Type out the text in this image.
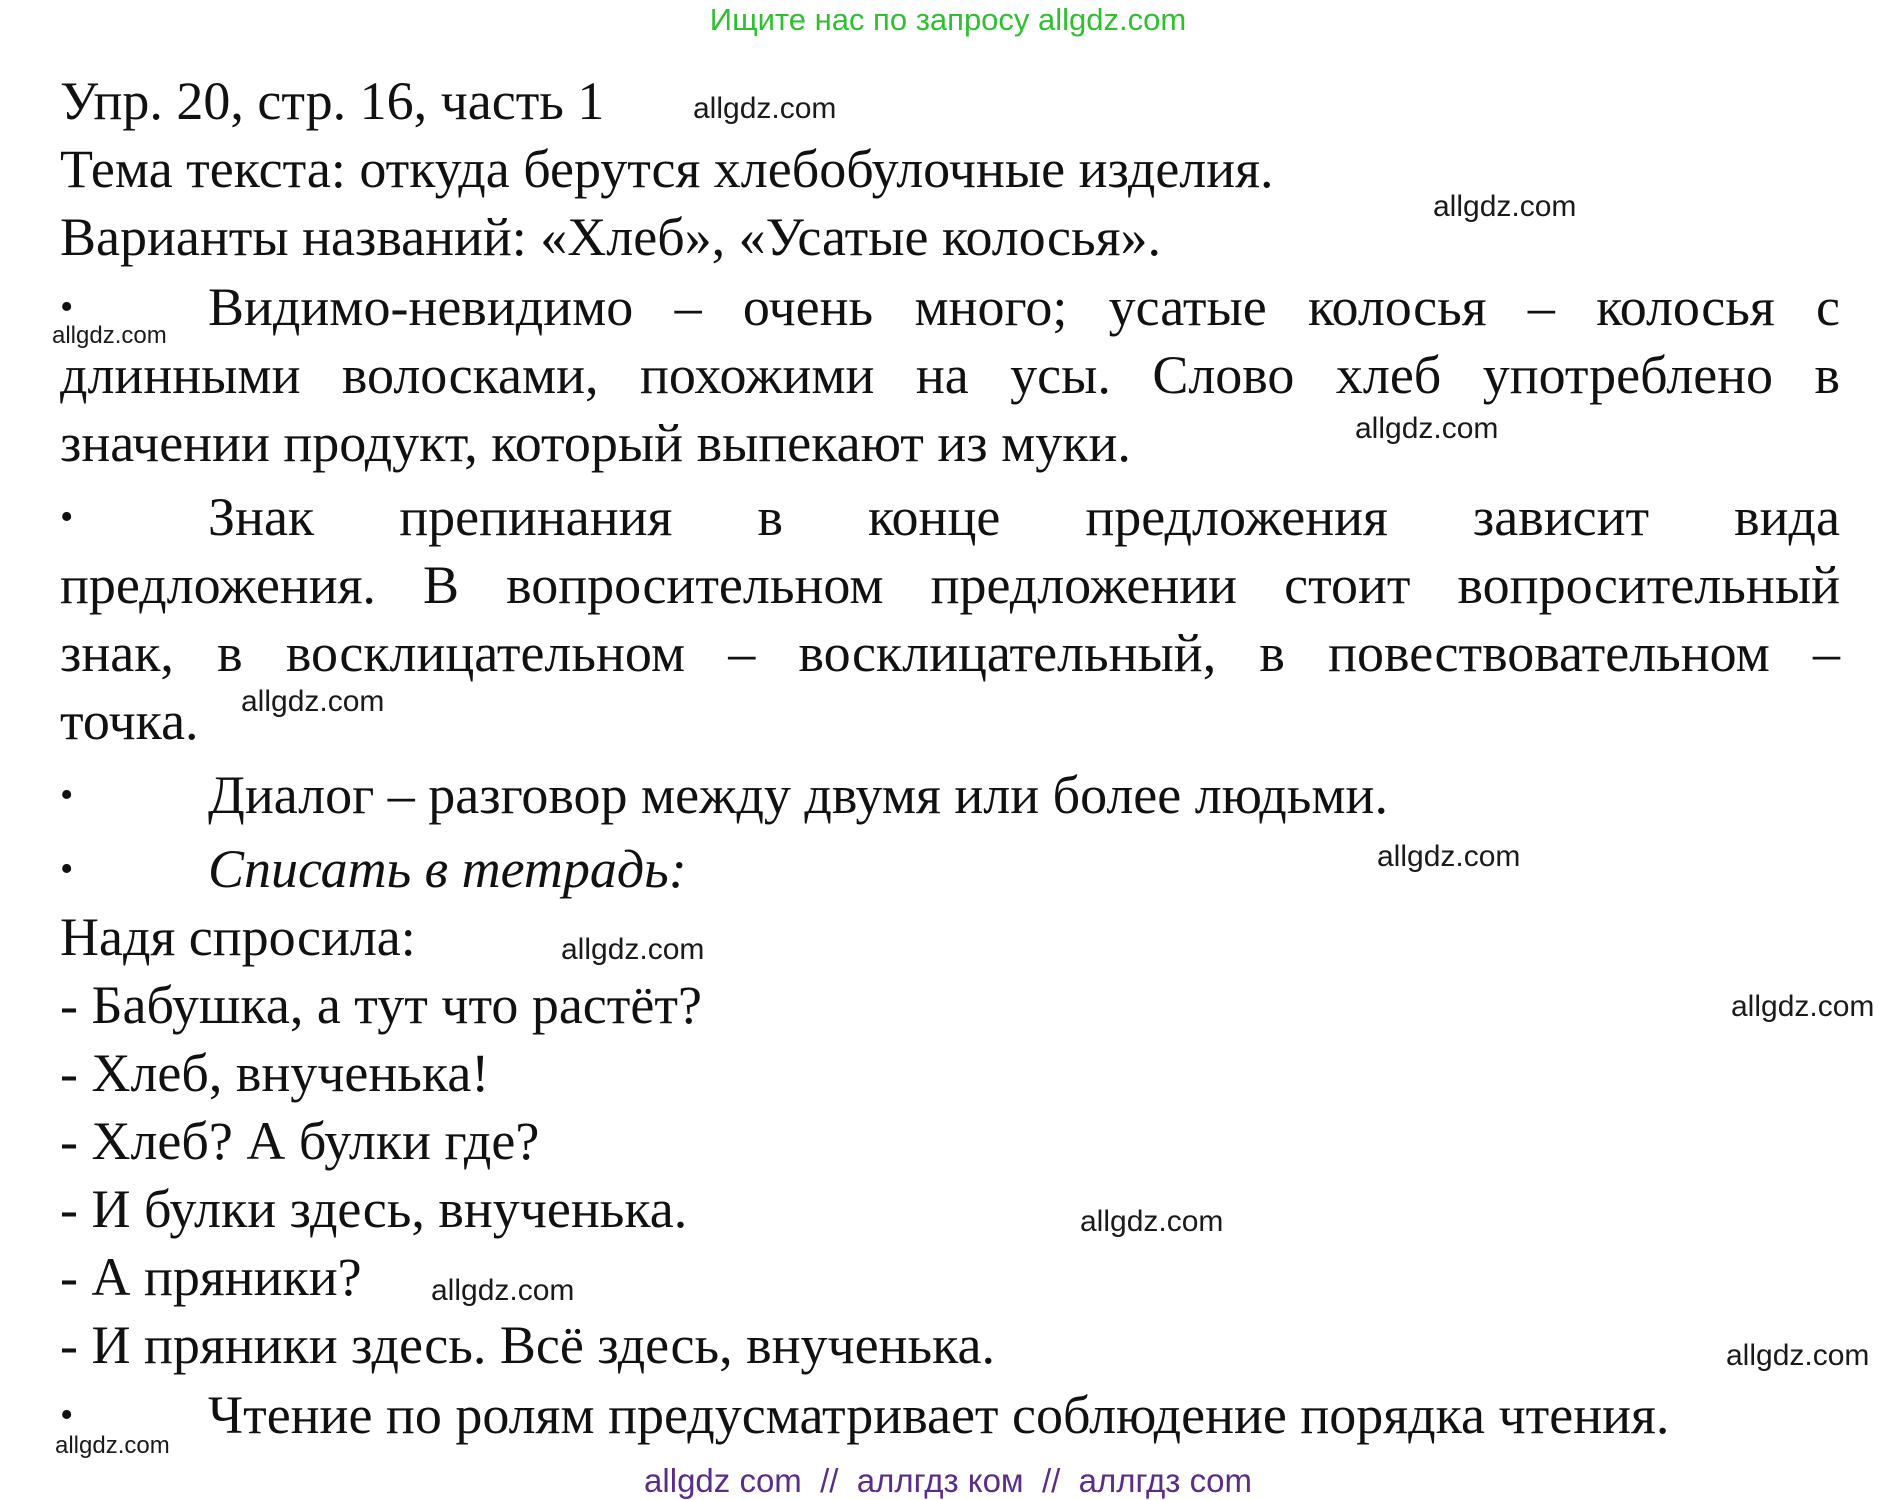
Ищите нас по запросу allgdz.com
Упр. 20, стр. 16, часть 1
Тема текста: откуда берутся хлебобулочные изделия.
Варианты названий: «Хлеб», «Усатые колосья».
• Видимо-невидимо – очень много; усатые колосья – колосья с
длинными волосками, похожими на усы. Слово хлеб употреблено в
значении продукт, который выпекают из муки.
• Знак препинания в конце предложения зависит вида
предложения. В вопросительном предложении стоит вопросительный
знак, в восклицательном – восклицательный, в повествовательном –
точка.
• Диалог – разговор между двумя или более людьми.
• Списать в тетрадь:
Надя спросила:
- Бабушка, а тут что растёт?
- Хлеб, внученька!
- Хлеб? А булки где?
- И булки здесь, внученька.
- А пряники?
- И пряники здесь. Всё здесь, внученька.
• Чтение по ролям предусматривает соблюдение порядка чтения.
allgdz.com
allgdz.com
allgdz.com
allgdz.com
allgdz.com
allgdz.com
allgdz.com
allgdz.com
allgdz.com
allgdz.com
allgdz.com
allgdz.com
allgdz com  //  аллгдз ком  //  аллгдз com
